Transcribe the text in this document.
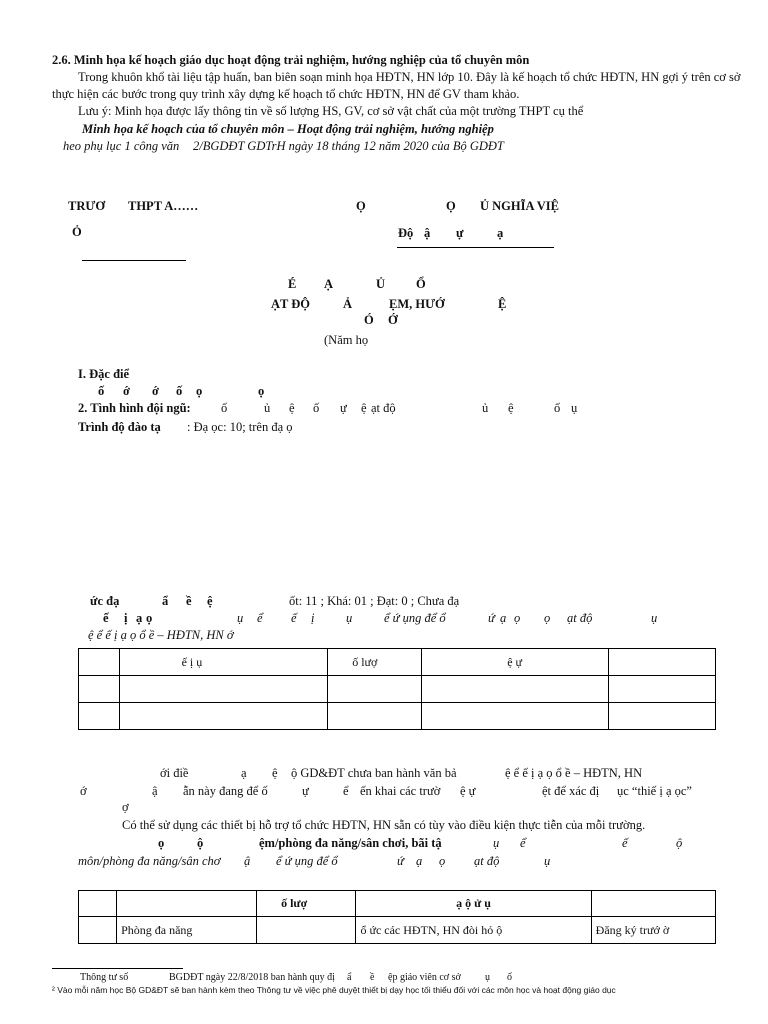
2.6. Minh họa kế hoạch giáo dục hoạt động trải nghiệm, hướng nghiệp của tổ chuyên môn
Trong khuôn khổ tài liệu tập huấn, ban biên soạn minh họa HĐTN, HN lớp 10. Đây là kế hoạch tổ chức HĐTN, HN gợi ý trên cơ sở
thực hiện các bước trong quy trình xây dựng kế hoạch tổ chức HĐTN, HN để GV tham khảo.
Lưu ý: Minh họa được lấy thông tin về số lượng HS, GV, cơ sở vật chất của một trường THPT cụ thể
Minh họa kế hoạch của tổ chuyên môn – Hoạt động trải nghiệm, hướng nghiệp
heo phụ lục 1 công văn 2/BGDĐT GDTrH ngày 18 tháng 12 năm 2020 của Bộ GDĐT
TRƯƠ THPT A……
Ỏ
Ọ	Ọ Ủ NGHĨA VIỆ
Độ ậ ự	ạ
É Ạ	Ủ Ổ
ẠT ĐỘ	Ả	ẸM, HƯỚ	Ệ
Ó Ớ
(Năm họ
I. Đặc điể
ố ớ ớ ố ọ	ọ
2. Tình hình đội ngũ: ố	ủ ệ ố ự ệ ạt độ	ủ ệ	ố ụ
Trình độ đào tạ : Đạ ọc: 10; trên đạ ọ
ức đạ	ẩ ề ệ	ốt: 11 ; Khá: 01 ; Đạt: 0 ; Chưa đạ
ế ị ạ ọ	ụ ể ế ị	ụ	ể ứ ụng để ổ	ứ ạ ọ ọ ạt độ	ụ
ệ ể ế ị ạ ọ ổ ề – HĐTN, HN ớ
	ế ị ụ	ố lượ	ệ ự	

ới điề	ạ ệ ộ GD&ĐT chưa ban hành văn bả	ệ ể ế ị ạ ọ ổ ề – HĐTN, HN
ớ	ậ ẫn này đang để ố	ự	ể ến khai các trườ ệ ự	ệt để xác đị ục “thiế ị ạ ọc”
ợ
Có thể sử dụng các thiết bị hỗ trợ tổ chức HĐTN, HN sẵn có tùy vào điều kiện thực tiễn của mỗi trường.
ọ	ộ	ệm/phòng đa năng/sân chơi, bãi tậ	ụ ể	ế	ộ
môn/phòng đa năng/sân chơ ậ ể ứ ụng để ổ	ứ ạ ọ ạt độ	ụ
		ố lượ	ạ ộ ử ụ	
	Phòng đa năng		ổ ức các HĐTN, HN đòi hỏ ộ	Đăng ký trướ ờ
Thông tư số	BGDĐT ngày 22/8/2018 ban hành quy đị ẩ ề ệp giáo viên cơ sở ụ ổ
² Vào mỗi năm học Bộ GD&ĐT sẽ ban hành kèm theo Thông tư về việc phê duyệt thiết bị dạy học tối thiểu đối với các môn học và hoạt động giáo dục
